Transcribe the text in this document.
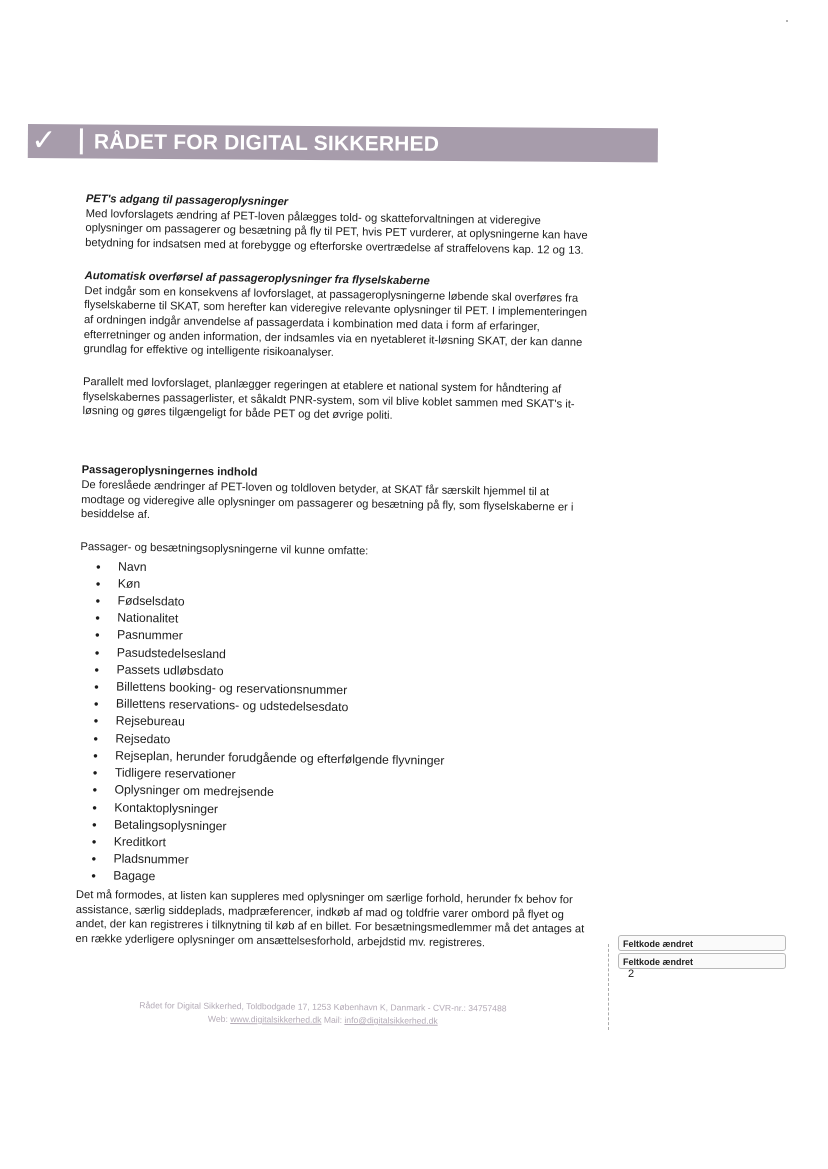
✓ RÅDET FOR DIGITAL SIKKERHED
PET's adgang til passageroplysninger
Med lovforslagets ændring af PET-loven pålægges told- og skatteforvaltningen at videregive oplysninger om passagerer og besætning på fly til PET, hvis PET vurderer, at oplysningerne kan have betydning for indsatsen med at forebygge og efterforske overtrædelse af straffelovens kap. 12 og 13.
Automatisk overførsel af passageroplysninger fra flyselskaberne
Det indgår som en konsekvens af lovforslaget, at passageroplysningerne løbende skal overføres fra flyselskaberne til SKAT, som herefter kan videregive relevante oplysninger til PET. I implementeringen af ordningen indgår anvendelse af passagerdata i kombination med data i form af erfaringer, efterretninger og anden information, der indsamles via en nyetableret it-løsning SKAT, der kan danne grundlag for effektive og intelligente risikoanalyser.
Parallelt med lovforslaget, planlægger regeringen at etablere et national system for håndtering af flyselskabernes passagerlister, et såkaldt PNR-system, som vil blive koblet sammen med SKAT's it-løsning og gøres tilgængeligt for både PET og det øvrige politi.
Passageroplysningernes indhold
De foreslåede ændringer af PET-loven og toldloven betyder, at SKAT får særskilt hjemmel til at modtage og videregive alle oplysninger om passagerer og besætning på fly, som flyselskaberne er i besiddelse af.
Passager- og besætningsoplysningerne vil kunne omfatte:
• Navn
• Køn
• Fødselsdato
• Nationalitet
• Pasnummer
• Pasudstedelsesland
• Passets udløbsdato
• Billettens booking- og reservationsnummer
• Billettens reservations- og udstedelsesdato
• Rejsebureau
• Rejsedato
• Rejseplan, herunder forudgående og efterfølgende flyvninger
• Tidligere reservationer
• Oplysninger om medrejsende
• Kontaktoplysninger
• Betalingsoplysninger
• Kreditkort
• Pladsnummer
• Bagage
Det må formodes, at listen kan suppleres med oplysninger om særlige forhold, herunder fx behov for assistance, særlig siddeplads, madpræferencer, indkøb af mad og toldfrie varer ombord på flyet og andet, der kan registreres i tilknytning til køb af en billet. For besætningsmedlemmer må det antages at en række yderligere oplysninger om ansættelsesforhold, arbejdstid mv. registreres.	Feltkode ændret
Feltkode ændret
2
Rådet for Digital Sikkerhed, Toldbodgade 17, 1253 København K, Danmark - CVR-nr.: 34757488
Web: www.digitalsikkerhed.dk Mail: info@digitalsikkerhed.dk
